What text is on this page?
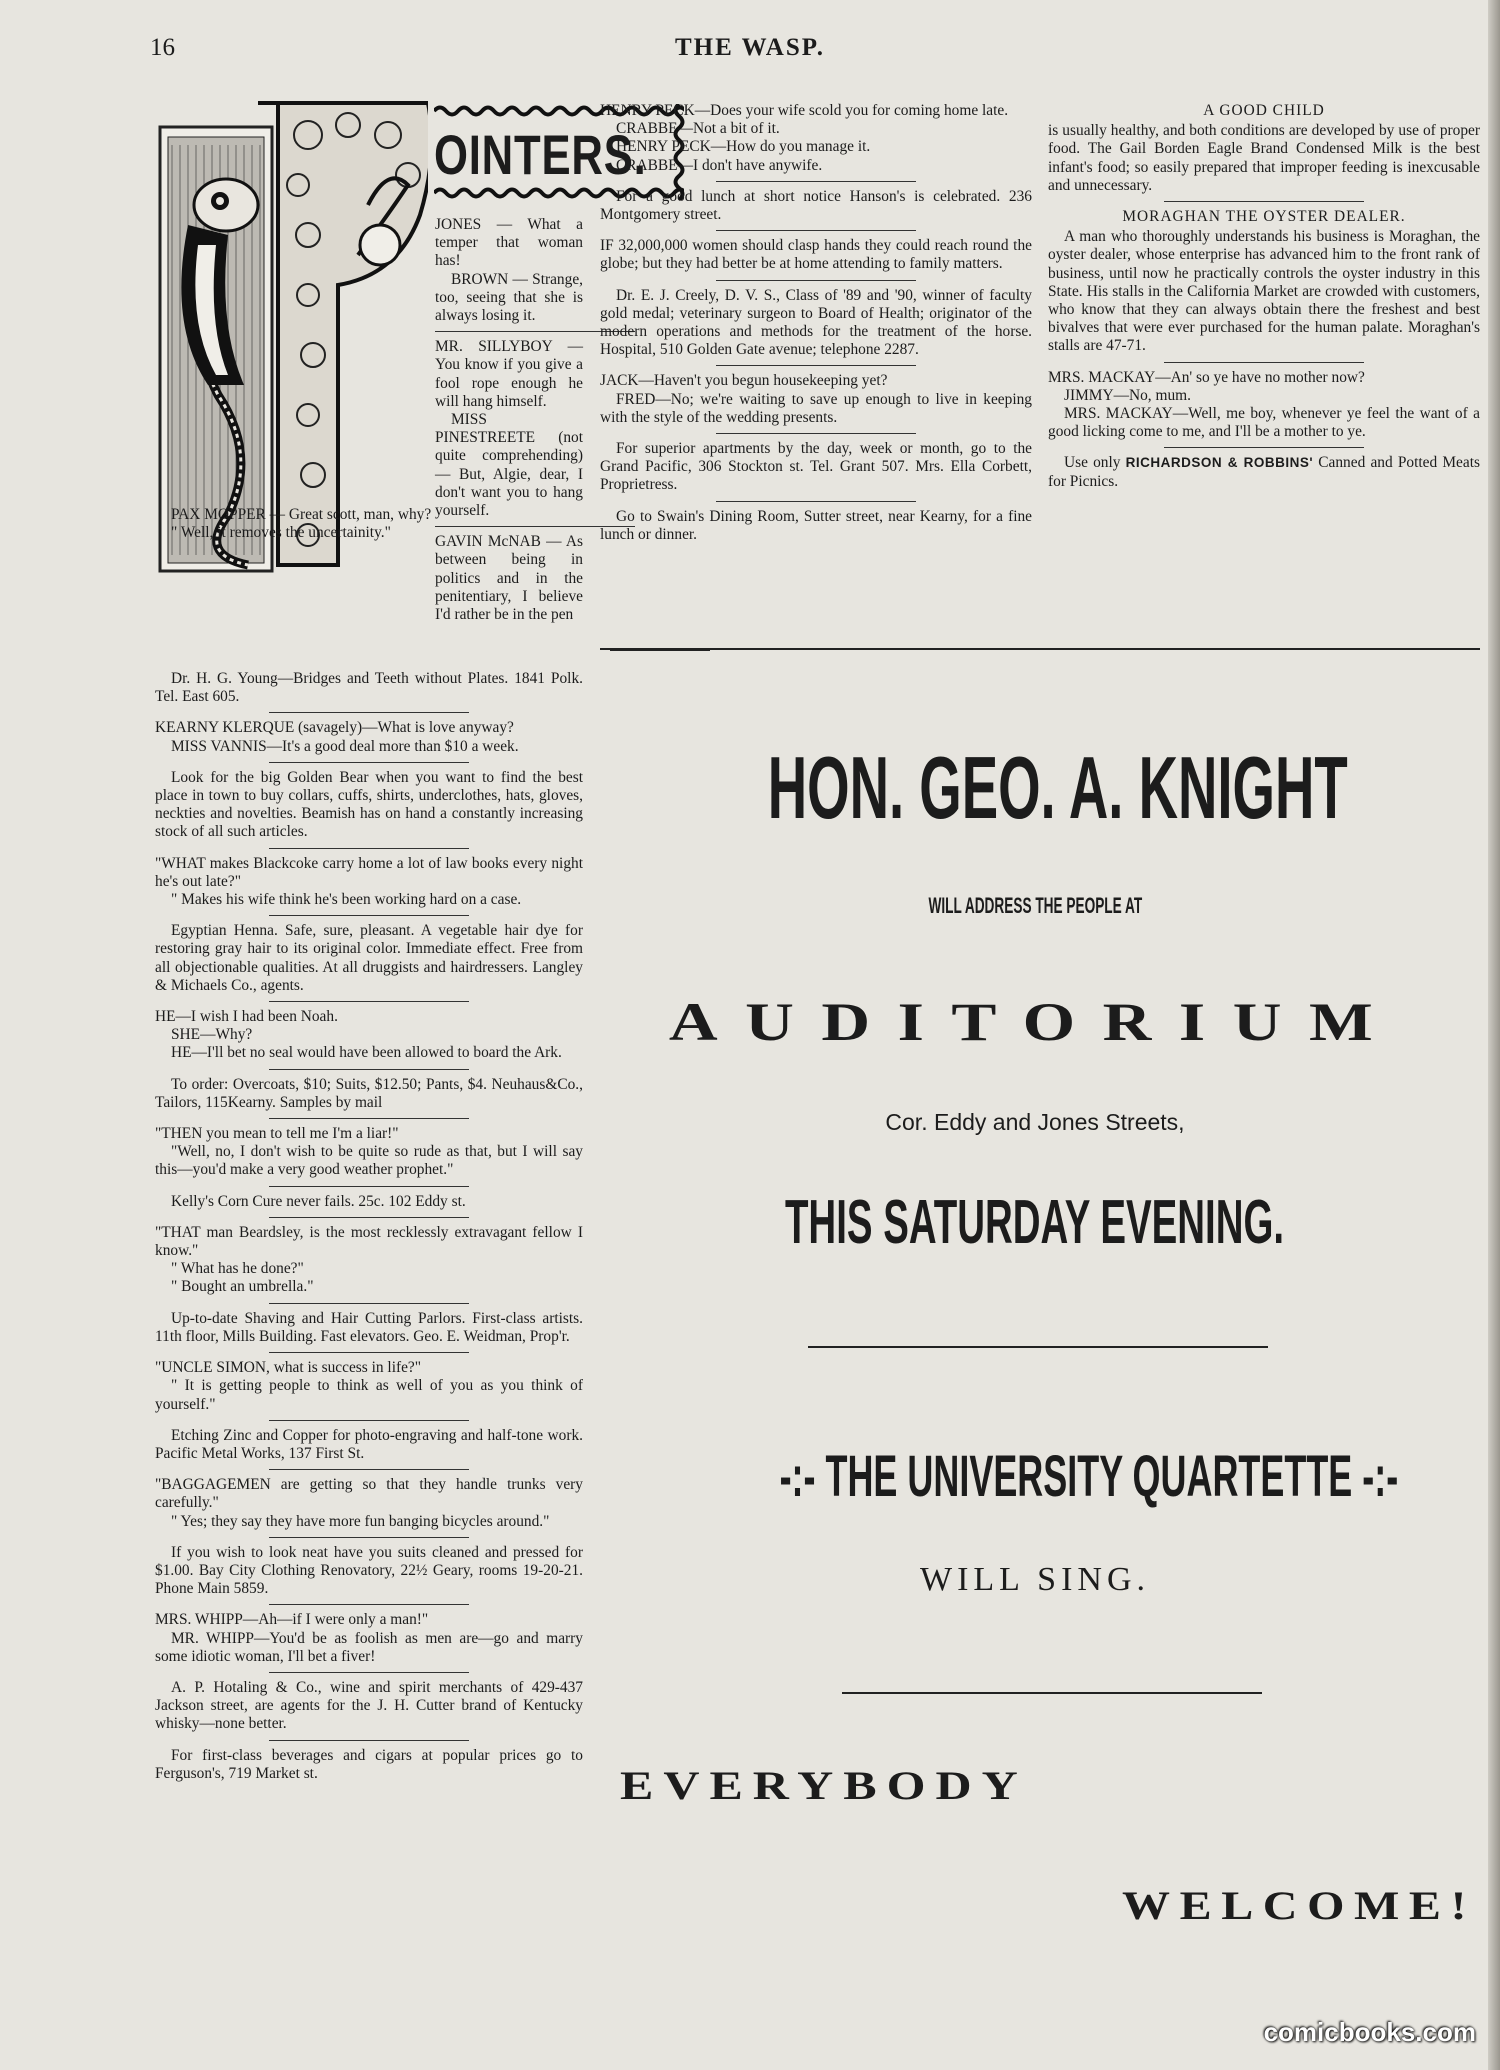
16	THE WASP.
OINTERS.

JONES — What a temper that woman has!

BROWN — Strange, too, seeing that she is always losing it.

MR. SILLYBOY — You know if you give a fool rope enough he will hang himself.

MISS PINESTREETE (not quite comprehending) — But, Algie, dear, I don't want you to hang yourself.

GAVIN McNAB — As between being in politics and in the penitentiary, I believe I'd rather be in the pen

PAX MOPPER — Great scott, man, why?

" Well, it removes the uncertainity."

Dr. H. G. Young—Bridges and Teeth without Plates. 1841 Polk. Tel. East 605.

KEARNY KLERQUE (savagely)—What is love anyway?

MISS VANNIS—It's a good deal more than $10 a week.

Look for the big Golden Bear when you want to find the best place in town to buy collars, cuffs, shirts, underclothes, hats, gloves, neckties and novelties. Beamish has on hand a constantly increasing stock of all such articles.

"WHAT makes Blackcoke carry home a lot of law books every night he's out late?"

" Makes his wife think he's been working hard on a case.

Egyptian Henna. Safe, sure, pleasant. A vegetable hair dye for restoring gray hair to its original color. Immediate effect. Free from all objectionable qualities. At all druggists and hairdressers. Langley & Michaels Co., agents.

HE—I wish I had been Noah.

SHE—Why?

HE—I'll bet no seal would have been allowed to board the Ark.

To order: Overcoats, $10; Suits, $12.50; Pants, $4. Neuhaus&Co., Tailors, 115Kearny. Samples by mail

"THEN you mean to tell me I'm a liar!"

"Well, no, I don't wish to be quite so rude as that, but I will say this—you'd make a very good weather prophet."

Kelly's Corn Cure never fails. 25c. 102 Eddy st.

"THAT man Beardsley, is the most recklessly extravagant fellow I know."

" What has he done?"

" Bought an umbrella."

Up-to-date Shaving and Hair Cutting Parlors. First-class artists. 11th floor, Mills Building. Fast elevators. Geo. E. Weidman, Prop'r.

"UNCLE SIMON, what is success in life?"

" It is getting people to think as well of you as you think of yourself."

Etching Zinc and Copper for photo-engraving and half-tone work. Pacific Metal Works, 137 First St.

"BAGGAGEMEN are getting so that they handle trunks very carefully."

" Yes; they say they have more fun banging bicycles around."

If you wish to look neat have you suits cleaned and pressed for $1.00. Bay City Clothing Renovatory, 22½ Geary, rooms 19-20-21. Phone Main 5859.

MRS. WHIPP—Ah—if I were only a man!"

MR. WHIPP—You'd be as foolish as men are—go and marry some idiotic woman, I'll bet a fiver!

A. P. Hotaling & Co., wine and spirit merchants of 429-437 Jackson street, are agents for the J. H. Cutter brand of Kentucky whisky—none better.

For first-class beverages and cigars at popular prices go to Ferguson's, 719 Market st.

HENRY PECK—Does your wife scold you for coming home late.

CRABBE—Not a bit of it.

HENRY PECK—How do you manage it.

CRABBE—I don't have anywife.

For a good lunch at short notice Hanson's is celebrated. 236 Montgomery street.

IF 32,000,000 women should clasp hands they could reach round the globe; but they had better be at home attending to family matters.

Dr. E. J. Creely, D. V. S., Class of '89 and '90, winner of faculty gold medal; veterinary surgeon to Board of Health; originator of the modern operations and methods for the treatment of the horse. Hospital, 510 Golden Gate avenue; telephone 2287.

JACK—Haven't you begun housekeeping yet?

FRED—No; we're waiting to save up enough to live in keeping with the style of the wedding presents.

For superior apartments by the day, week or month, go to the Grand Pacific, 306 Stockton st. Tel. Grant 507. Mrs. Ella Corbett, Proprietress.

Go to Swain's Dining Room, Sutter street, near Kearny, for a fine lunch or dinner.

A GOOD CHILD

is usually healthy, and both conditions are developed by use of proper food. The Gail Borden Eagle Brand Condensed Milk is the best infant's food; so easily prepared that improper feeding is inexcusable and unnecessary.

MORAGHAN THE OYSTER DEALER.

A man who thoroughly understands his business is Moraghan, the oyster dealer, whose enterprise has advanced him to the front rank of business, until now he practically controls the oyster industry in this State. His stalls in the California Market are crowded with customers, who know that they can always obtain there the freshest and best bivalves that were ever purchased for the human palate. Moraghan's stalls are 47-71.

MRS. MACKAY—An' so ye have no mother now?

JIMMY—No, mum.

MRS. MACKAY—Well, me boy, whenever ye feel the want of a good licking come to me, and I'll be a mother to ye.

Use only RICHARDSON & ROBBINS' Canned and Potted Meats for Picnics.

HON. GEO. A. KNIGHT
WILL ADDRESS THE PEOPLE AT
AUDITORIUM
Cor. Eddy and Jones Streets,
THIS SATURDAY EVENING.
-:- THE UNIVERSITY QUARTETTE -:-
WILL SING.
EVERYBODY
WELCOME!
comicbooks.com
